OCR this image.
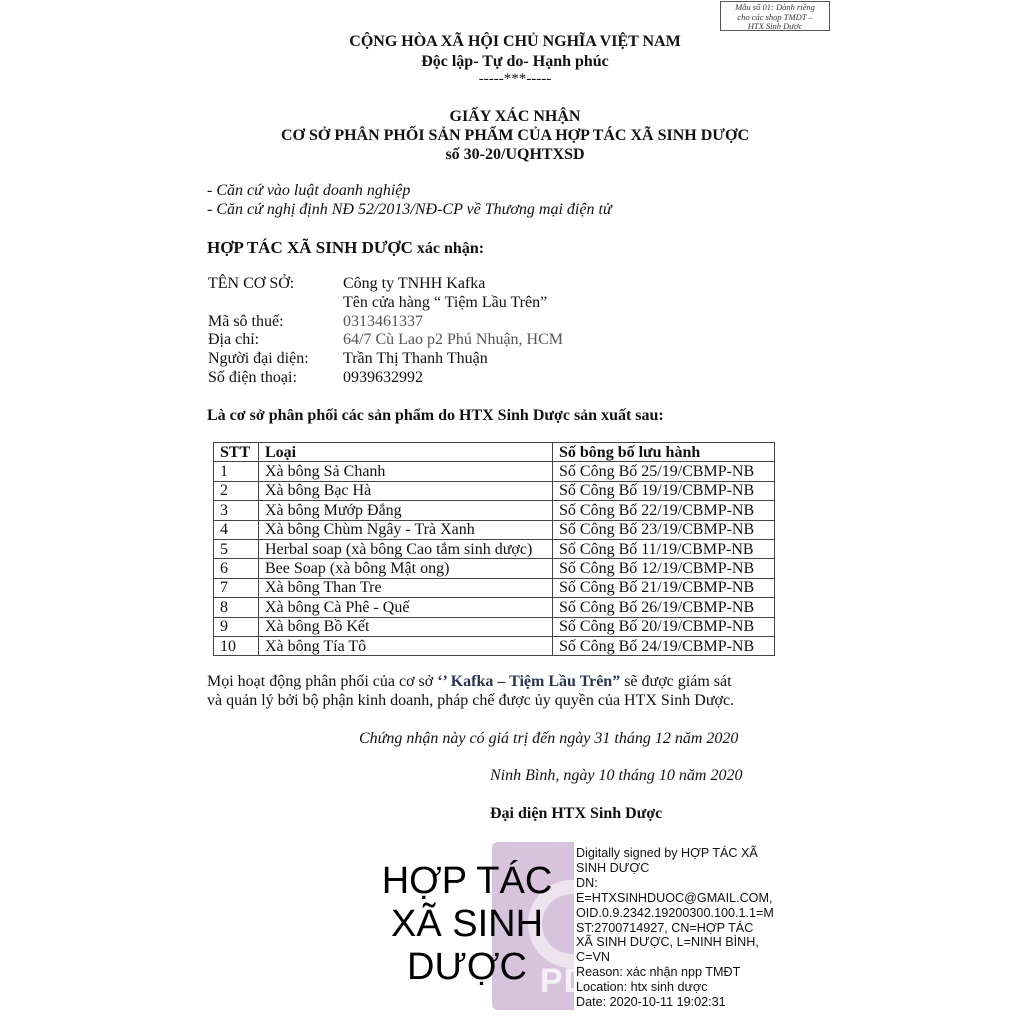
Mẫu số 01: Dành riêng
cho các shop TMDT –
HTX Sinh Dược
CỘNG HÒA XÃ HỘI CHỦ NGHĨA VIỆT NAM
Độc lập- Tự do- Hạnh phúc
-----***-----
GIẤY XÁC NHẬN
CƠ SỞ PHÂN PHỐI SẢN PHẨM CỦA HỢP TÁC XÃ SINH DƯỢC
số 30-20/UQHTXSD
- Căn cứ vào luật doanh nghiệp
- Căn cứ nghị định NĐ 52/2013/NĐ-CP về Thương mại điện tử
HỢP TÁC XÃ SINH DƯỢC xác nhận:
TÊN CƠ SỞ:	Công ty TNHH Kafka
Tên cửa hàng “ Tiệm Lầu Trên”
Mã sô thuế:	0313461337
Địa chỉ:	64/7 Cù Lao p2 Phú Nhuận, HCM
Người đại diện: Trần Thị Thanh Thuận
Số điện thoại:	0939632992
Là cơ sở phân phối các sản phẩm do HTX Sinh Dược sản xuất sau:
STT	Loại	Số bông bố lưu hành
1	Xà bông Sả Chanh	Số Công Bố 25/19/CBMP-NB
2	Xà bông Bạc Hà	Số Công Bố 19/19/CBMP-NB
3	Xà bông Mướp Đắng	Số Công Bố 22/19/CBMP-NB
4	Xà bông Chùm Ngây - Trà Xanh	Số Công Bố 23/19/CBMP-NB
5	Herbal soap (xà bông Cao tắm sinh dược)	Số Công Bố 11/19/CBMP-NB
6	Bee Soap (xà bông Mật ong)	Số Công Bố 12/19/CBMP-NB
7	Xà bông Than Tre	Số Công Bố 21/19/CBMP-NB
8	Xà bông Cà Phê - Quế	Số Công Bố 26/19/CBMP-NB
9	Xà bông Bồ Kết	Số Công Bố 20/19/CBMP-NB
10	Xà bông Tía Tô	Số Công Bố 24/19/CBMP-NB
Mọi hoạt động phân phối của cơ sở ‘’ Kafka – Tiệm Lầu Trên” sẽ được giám sát
và quản lý bởi bộ phận kinh doanh, pháp chế được ủy quyền của HTX Sinh Dược.
Chứng nhận này có giá trị đến ngày 31 tháng 12 năm 2020
Ninh Bình, ngày 10 tháng 10 năm 2020
Đại diện HTX Sinh Dược
PDF
HỢP TÁC
XÃ SINH
DƯỢC
Digitally signed by HỢP TÁC XÃ
SINH DƯỢC
DN:
E=HTXSINHDUOC@GMAIL.COM,
OID.0.9.2342.19200300.100.1.1=M
ST:2700714927, CN=HỢP TÁC
XÃ SINH DƯỢC, L=NINH BÌNH,
C=VN
Reason: xác nhận npp TMĐT
Location: htx sinh dược
Date: 2020-10-11 19:02:31
